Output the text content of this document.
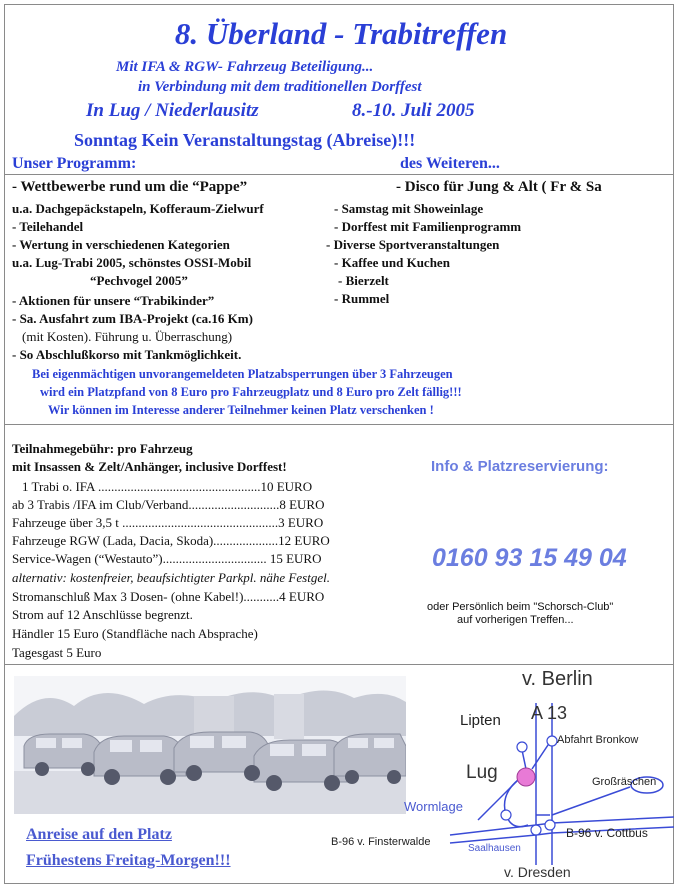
8. Überland - Trabitreffen
Mit IFA & RGW- Fahrzeug Beteiligung...
in Verbindung mit dem traditionellen Dorffest
In Lug / Niederlausitz	8.-10. Juli 2005
Sonntag Kein Veranstaltungstag (Abreise)!!!
Unser Programm:	des Weiteren...
- Wettbewerbe rund um die “Pappe”
u.a. Dachgepäckstapeln, Kofferaum-Zielwurf
- Teilehandel
- Wertung in verschiedenen Kategorien
u.a. Lug-Trabi 2005, schönstes OSSI-Mobil
“Pechvogel 2005”
- Aktionen für unsere “Trabikinder”
- Sa. Ausfahrt zum IBA-Projekt (ca.16 Km)
(mit Kosten). Führung u. Überraschung)
- So Abschlußkorso mit Tankmöglichkeit.
- Disco für Jung & Alt ( Fr & Sa
- Samstag mit Showeinlage
- Dorffest mit Familienprogramm
- Diverse Sportveranstaltungen
- Kaffee und Kuchen
- Bierzelt
- Rummel
Bei eigenmächtigen unvorangemeldeten Platzabsperrungen über 3 Fahrzeugen
wird ein Platzpfand von 8 Euro pro Fahrzeugplatz und 8 Euro pro Zelt fällig!!!
Wir können im Interesse anderer Teilnehmer keinen Platz verschenken !
Teilnahmegebühr: pro Fahrzeug
mit Insassen & Zelt/Anhänger, inclusive Dorffest!
1 Trabi o. IFA ..................................................10 EURO
ab 3 Trabis /IFA im Club/Verband............................8 EURO
Fahrzeuge über 3,5 t ................................................3 EURO
Fahrzeuge RGW (Lada, Dacia, Skoda)....................12 EURO
Service-Wagen (“Westauto”)................................ 15 EURO
alternativ: kostenfreier, beaufsichtigter Parkpl. nähe Festgel.
Stromanschluß Max 3 Dosen- (ohne Kabel!)...........4 EURO
Strom auf 12 Anschlüsse begrenzt.
Händler 15 Euro (Standfläche nach Absprache)
Tagesgast 5 Euro
Info & Platzreservierung:
0160 93 15 49 04
oder Persönlich beim "Schorsch-Club"
auf vorherigen Treffen...
Anreise auf den Platz
Frühestens Freitag-Morgen!!!
v. Berlin
A 13
Lipten
Abfahrt Bronkow
Lug	Großräschen
Wormlage
B-96 v. Finsterwalde
B-96 v. Cottbus
Saalhausen
v. Dresden
